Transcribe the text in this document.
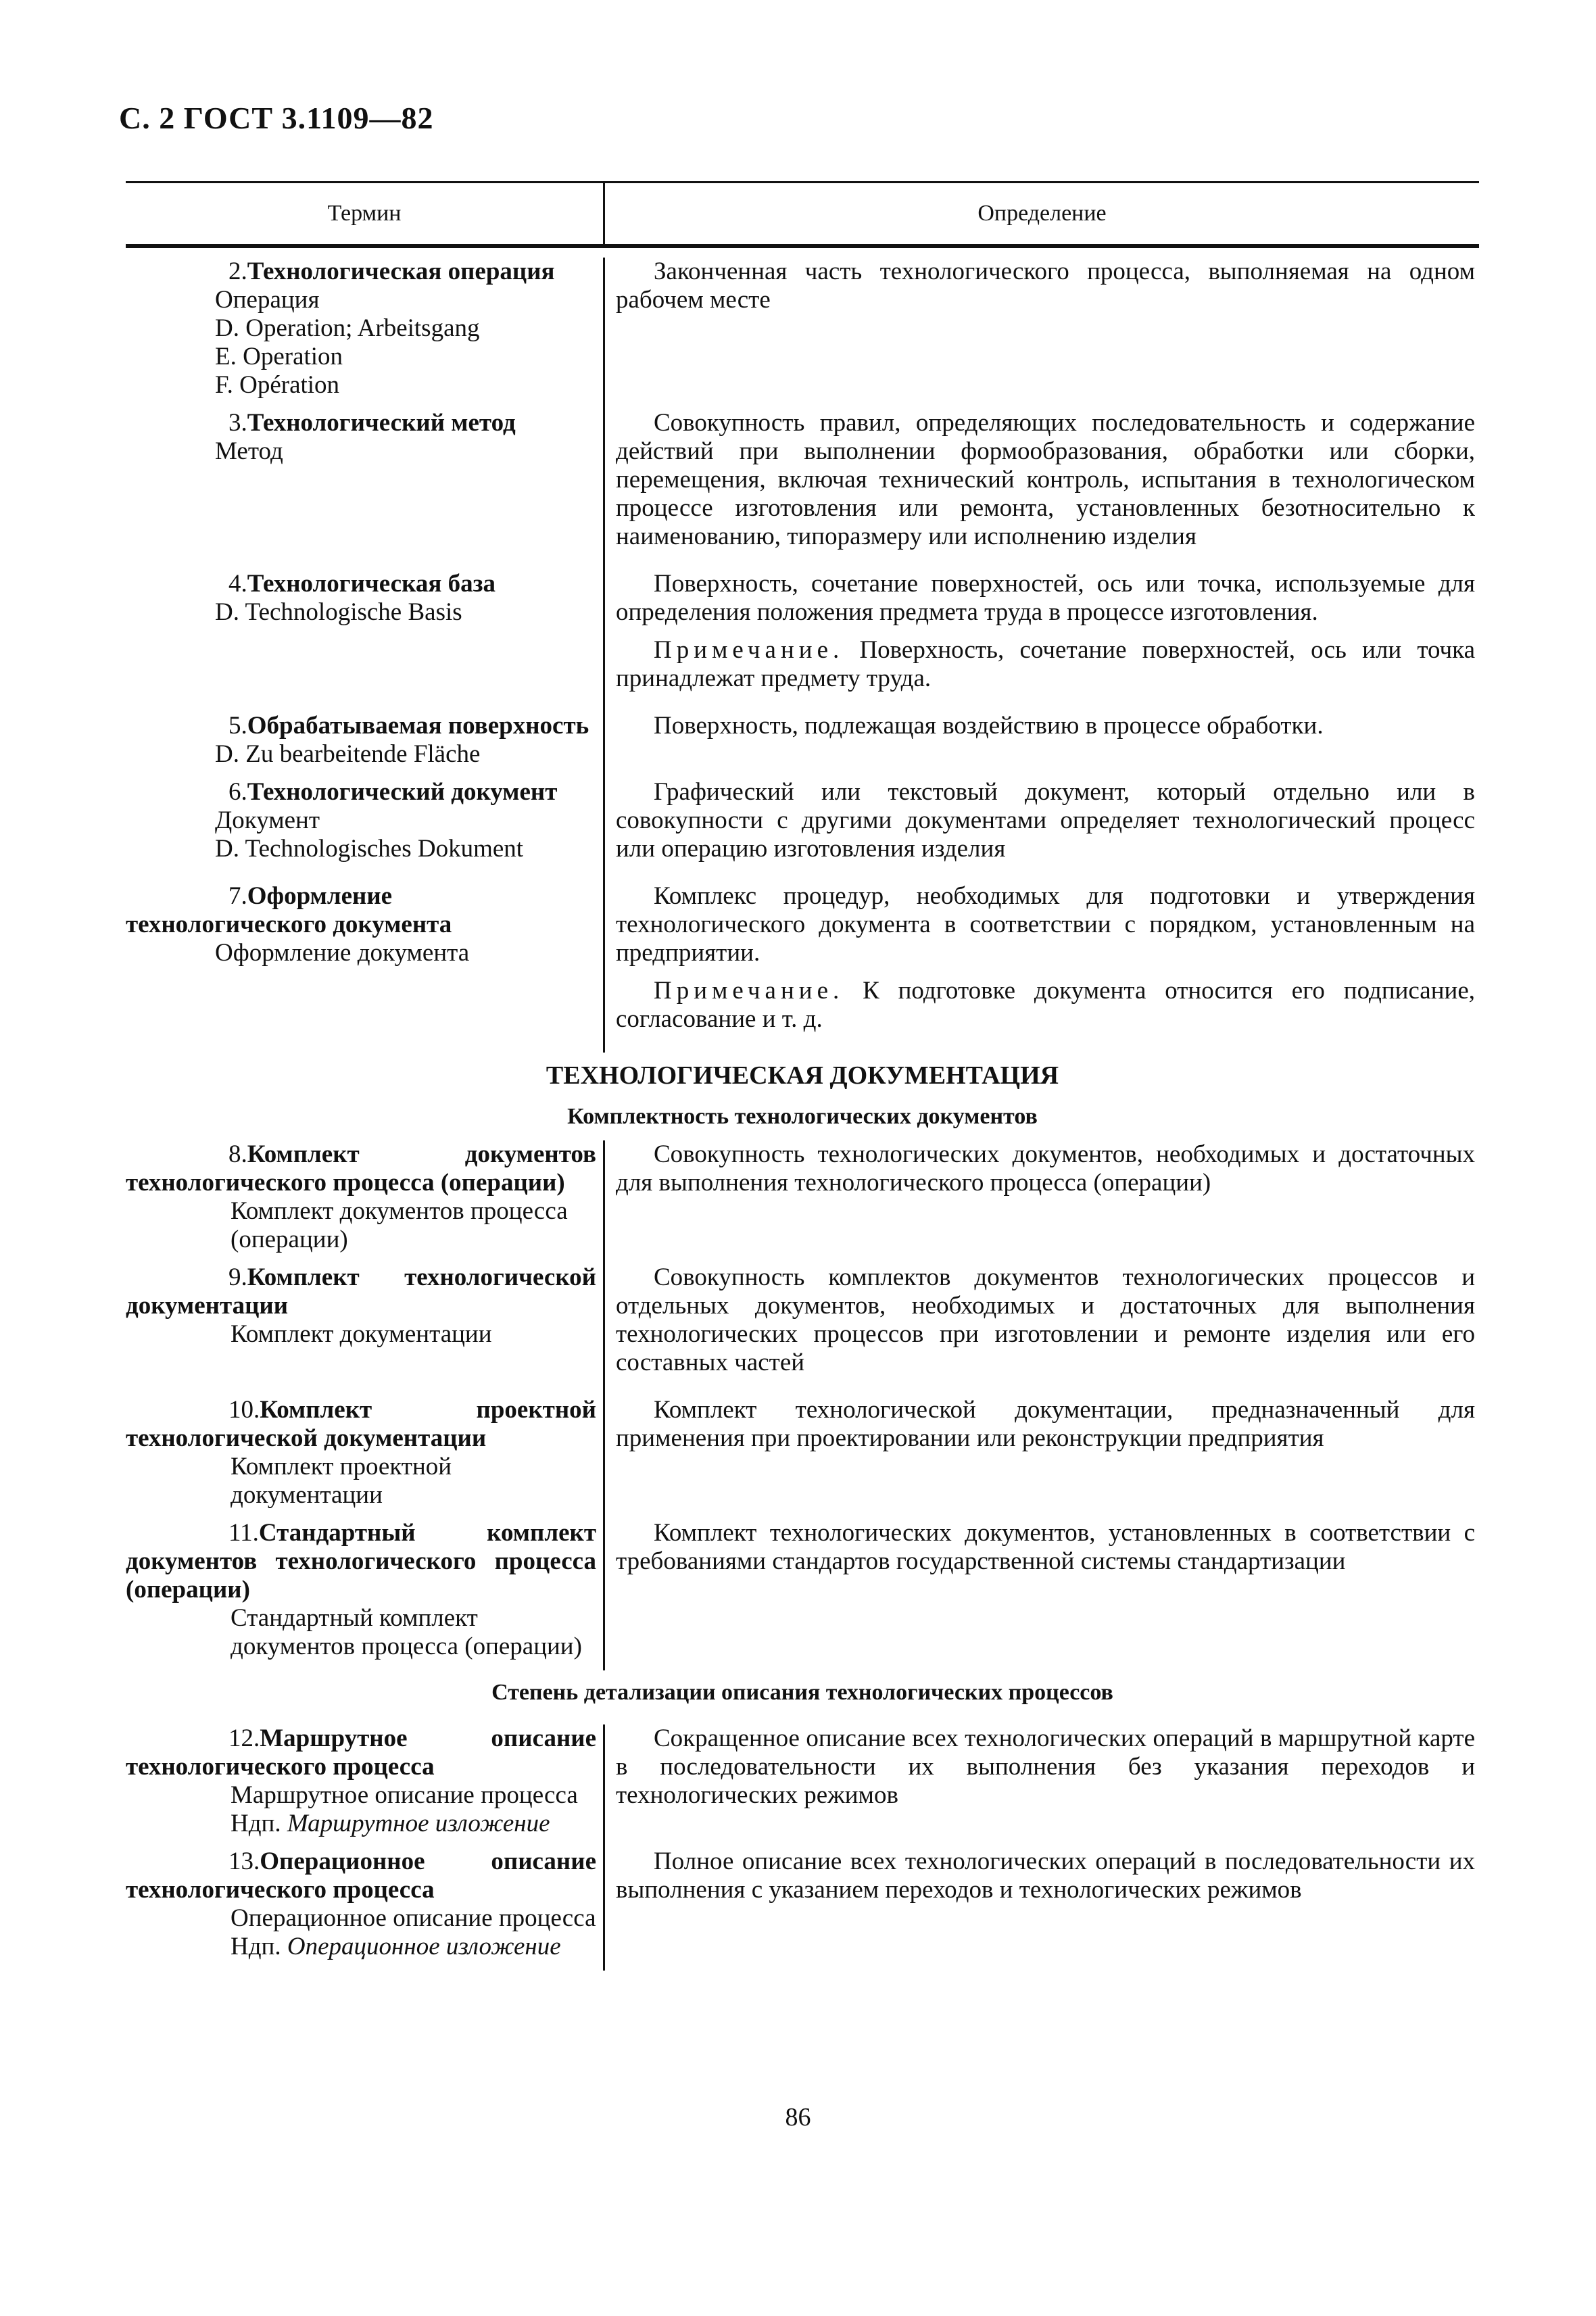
С. 2 ГОСТ 3.1109—82
Термин	Определение
2.Технологическая операция
Операция
D. Operation; Arbeitsgang
E. Operation
F. Opération

Законченная часть технологического процесса, выполняемая на одном рабочем месте

3.Технологический метод
Метод

Совокупность правил, определяющих последовательность и содержание действий при выполнении формообразования, обработки или сборки, перемещения, включая технический контроль, испытания в технологическом процессе изготовления или ремонта, установленных безотносительно к наименованию, типоразмеру или исполнению изделия

4.Технологическая база
D. Technologische Basis

Поверхность, сочетание поверхностей, ось или точка, используемые для определения положения предмета труда в процессе изготовления.

Примечание. Поверхность, сочетание поверхностей, ось или точка принадлежат предмету труда.

5.Обрабатываемая поверхность
D. Zu bearbeitende Fläche

Поверхность, подлежащая воздействию в процессе обработки.

6.Технологический документ
Документ
D. Technologisches Dokument

Графический или текстовый документ, который отдельно или в совокупности с другими документами определяет технологический процесс или операцию изготовления изделия

7.Оформление технологического документа
Оформление документа

Комплекс процедур, необходимых для подготовки и утверждения технологического документа в соответствии с порядком, установленным на предприятии.

Примечание. К подготовке документа относится его подписание, согласование и т. д.

ТЕХНОЛОГИЧЕСКАЯ ДОКУМЕНТАЦИЯ
Комплектность технологических документов
8.Комплект документов технологического процесса (операции)
Комплект документов процесса (операции)

Совокупность технологических документов, необходимых и достаточных для выполнения технологического процесса (операции)

9.Комплект технологической документации
Комплект документации

Совокупность комплектов документов технологических процессов и отдельных документов, необходимых и достаточных для выполнения технологических процессов при изготовлении и ремонте изделия или его составных частей

10.Комплект проектной технологической документации
Комплект проектной документации

Комплект технологической документации, предназначенный для применения при проектировании или реконструкции предприятия

11.Стандартный комплект документов технологического процесса (операции)
Стандартный комплект документов процесса (операции)

Комплект технологических документов, установленных в соответствии с требованиями стандартов государственной системы стандартизации

Степень детализации описания технологических процессов
12.Маршрутное описание технологического процесса
Маршрутное описание процесса
Ндп. Маршрутное изложение

Сокращенное описание всех технологических операций в маршрутной карте в последовательности их выполнения без указания переходов и технологических режимов

13.Операционное описание технологического процесса
Операционное описание процесса
Ндп. Операционное изложение

Полное описание всех технологических операций в последовательности их выполнения с указанием переходов и технологических режимов

86
